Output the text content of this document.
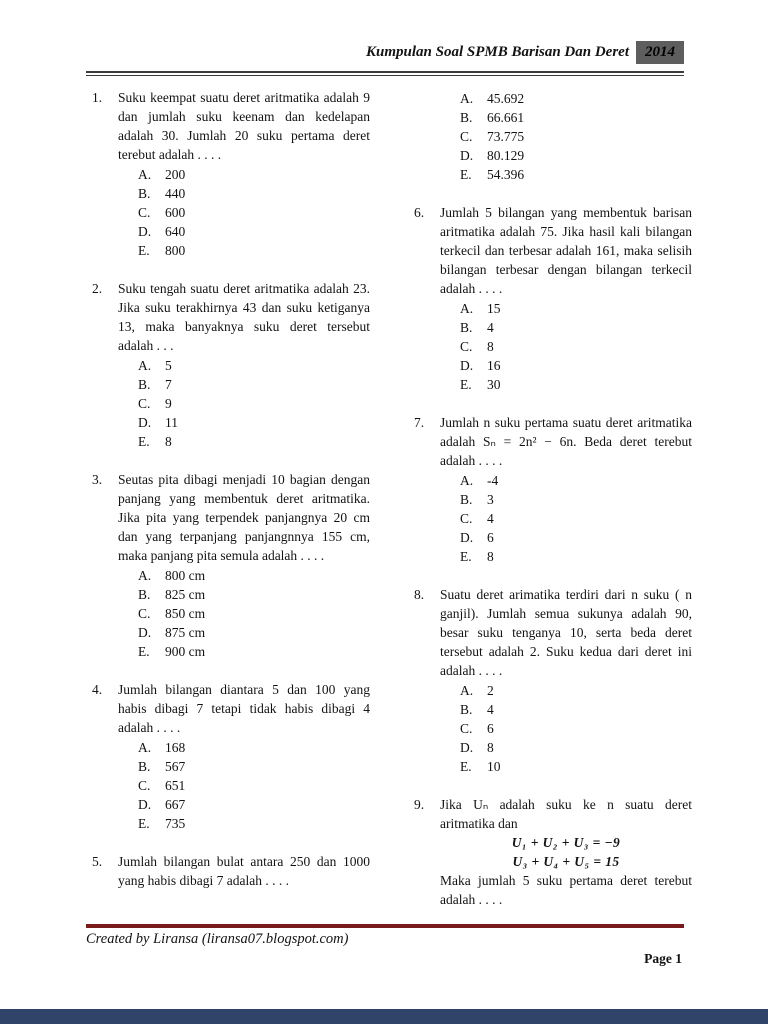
Kumpulan Soal SPMB Barisan Dan Deret	2014
1.	Suku keempat suatu deret aritmatika adalah 9 dan jumlah suku keenam dan kedelapan adalah 30. Jumlah 20 suku pertama deret terebut adalah . . . .
A.	200
B.	440
C.	600
D.	640
E.	800
2.	Suku tengah suatu deret aritmatika adalah 23. Jika suku terakhirnya 43 dan suku ketiganya 13, maka banyaknya suku deret tersebut adalah . . .
A.	5
B.	7
C.	9
D.	11
E.	8
3.	Seutas pita dibagi menjadi 10 bagian dengan panjang yang membentuk deret aritmatika. Jika pita yang terpendek panjangnya 20 cm dan yang terpanjang panjangnnya 155 cm, maka panjang pita semula adalah . . . .
A.	800 cm
B.	825 cm
C.	850 cm
D.	875 cm
E.	900 cm
4.	Jumlah bilangan diantara 5 dan 100 yang habis dibagi 7 tetapi tidak habis dibagi 4 adalah . . . .
A.	168
B.	567
C.	651
D.	667
E.	735
5.	Jumlah bilangan bulat antara 250 dan 1000 yang habis dibagi 7 adalah . . . .
A.	45.692
B.	66.661
C.	73.775
D.	80.129
E.	54.396
6.	Jumlah 5 bilangan yang membentuk barisan aritmatika adalah 75. Jika hasil kali bilangan terkecil dan terbesar adalah 161, maka selisih bilangan terbesar dengan bilangan terkecil adalah . . . .
A.	15
B.	4
C.	8
D.	16
E.	30
7.	Jumlah n suku pertama suatu deret aritmatika adalah Sₙ = 2n² − 6n. Beda deret terebut adalah . . . .
A.	-4
B.	3
C.	4
D.	6
E.	8
8.	Suatu deret arimatika terdiri dari n suku ( n ganjil). Jumlah semua sukunya adalah 90, besar suku tenganya 10, serta beda deret tersebut adalah 2. Suku kedua dari deret ini adalah . . . .
A.	2
B.	4
C.	6
D.	8
E.	10
9.	Jika Uₙ adalah suku ke n suatu deret aritmatika dan
U₁ + U₂ + U₃ = −9
U₃ + U₄ + U₅ = 15
Maka jumlah 5 suku pertama deret terebut adalah . . . .
Created by Liransa (liransa07.blogspot.com)
Page 1
